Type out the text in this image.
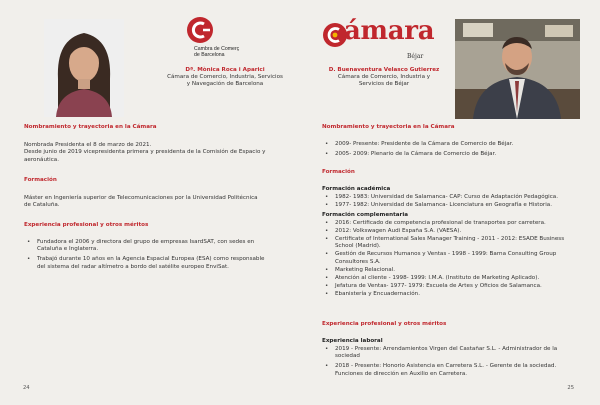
Cambra de Comerç
de Barcelona
Dª. Mònica Roca i Aparici
Cámara de Comercio, Industria, Servicios
y Navegación de Barcelona
Nombramiento y trayectoria en la Cámara
Nombrada Presidenta el 8 de marzo de 2021.
Desde junio de 2019 vicepresidenta primera y presidenta de la Comisión de Espacio y
aeronáutica.
Formación
Máster en Ingeniería superior de Telecomunicaciones por la Universidad Politécnica
de Cataluña.
Experiencia profesional y otros méritos
• Fundadora el 2006 y directora del grupo de empresas IsardSAT, con sedes en
Cataluña e Inglaterra.
• Trabajó durante 10 años en la Agencia Espacial Europea (ESA) como responsable
del sistema del radar altímetro a bordo del satélite europeo EnviSat.
24
ámara
Béjar
D. Buenaventura Velasco Gutierrez
Cámara de Comercio, Industria y
Servicios de Béjar
Nombramiento y trayectoria en la Cámara
• 2009- Presente: Presidente de la Cámara de Comercio de Béjar.
• 2005- 2009: Plenario de la Cámara de Comercio de Béjar.
Formación
Formación académica
• 1982- 1983: Universidad de Salamanca- CAP: Curso de Adaptación Pedagógica.
• 1977- 1982: Universidad de Salamanca- Licenciatura en Geografía e Historia.
Formación complementaria
• 2016: Certificado de competencia profesional de transportes por carretera.
• 2012: Volkswagen Audi España S.A. (VAESA).
• Certificate of International Sales Manager Training - 2011 - 2012: ESADE Business
School (Madrid).
• Gestión de Recursos Humanos y Ventas - 1998 - 1999: Barna Consulting Group
Consultores S.A.
• Marketing Relacional.
• Atención al cliente - 1998- 1999: I.M.A. (Instituto de Marketing Aplicado).
• Jefatura de Ventas- 1977- 1979: Escuela de Artes y Oficios de Salamanca.
• Ebanistería y Encuadernación.
Experiencia profesional y otros méritos
Experiencia laboral
• 2019 - Presente: Arrendamientos Virgen del Castañar S.L. - Administrador de la
sociedad
• 2018 - Presente: Honorio Asistencia en Carretera S.L. - Gerente de la sociedad.
Funciones de dirección en Auxilio en Carretera.
25
